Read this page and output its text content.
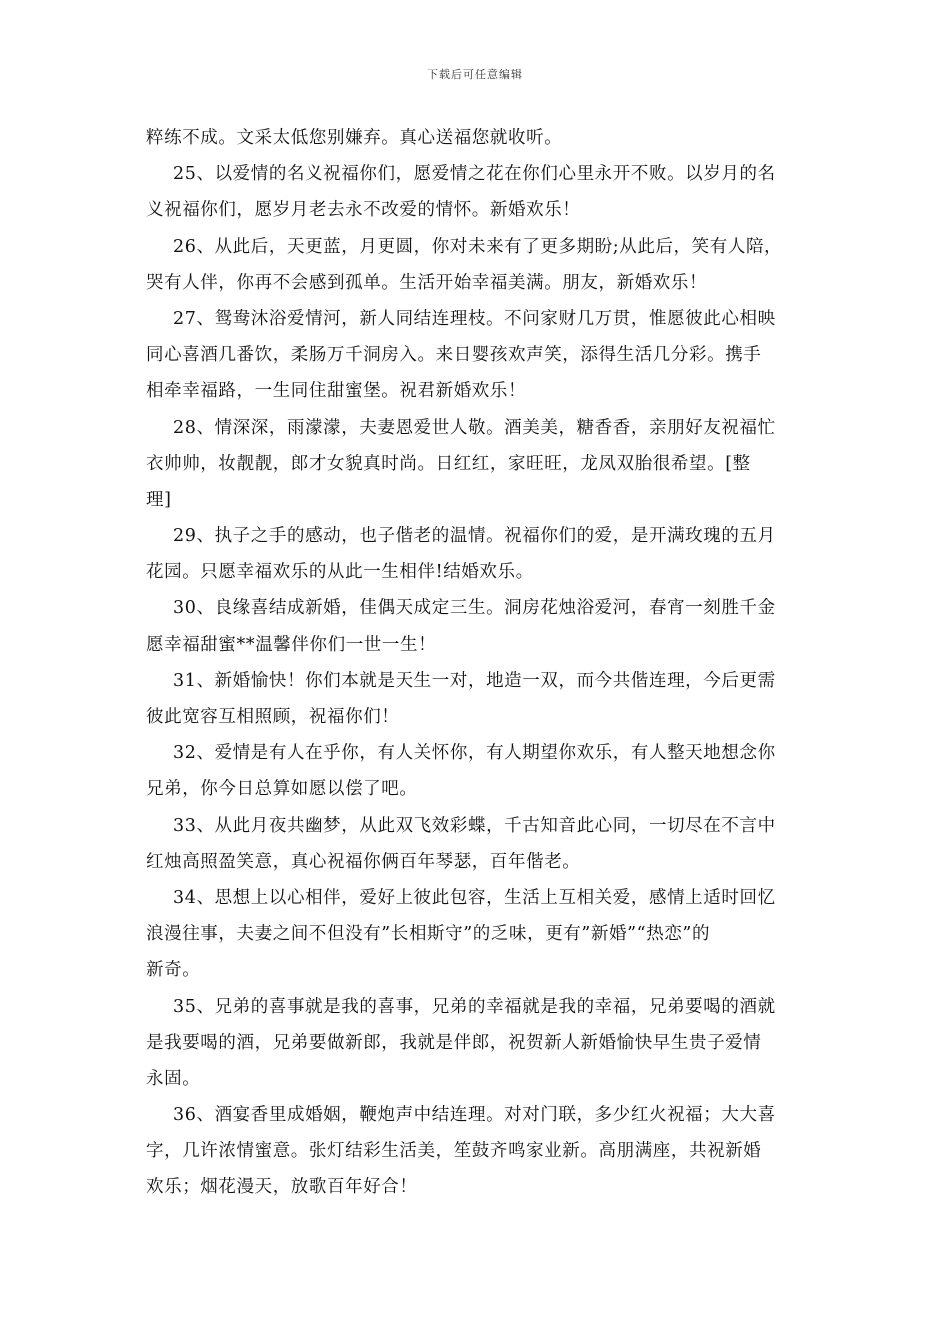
下载后可任意编辑
粹练不成。文采太低您别嫌弃。真心送福您就收听。
25、以爱情的名义祝福你们，愿爱情之花在你们心里永开不败。以岁月的名
义祝福你们，愿岁月老去永不改爱的情怀。新婚欢乐！
26、从此后，天更蓝，月更圆，你对未来有了更多期盼;从此后，笑有人陪，
哭有人伴，你再不会感到孤单。生活开始幸福美满。朋友，新婚欢乐！
27、鸳鸯沐浴爱情河，新人同结连理枝。不问家财几万贯，惟愿彼此心相映
同心喜酒几番饮，柔肠万千洞房入。来日婴孩欢声笑，添得生活几分彩。携手
相牵幸福路，一生同住甜蜜堡。祝君新婚欢乐！
28、情深深，雨濛濛，夫妻恩爱世人敬。酒美美，糖香香，亲朋好友祝福忙
衣帅帅，妆靓靓，郎才女貌真时尚。日红红，家旺旺，龙凤双胎很希望。[整
理]
29、执子之手的感动，也子偕老的温情。祝福你们的爱，是开满玫瑰的五月
花园。只愿幸福欢乐的从此一生相伴!结婚欢乐。
30、良缘喜结成新婚，佳偶天成定三生。洞房花烛浴爱河，春宵一刻胜千金
愿幸福甜蜜**温馨伴你们一世一生！
31、新婚愉快！你们本就是天生一对，地造一双，而今共偕连理，今后更需
彼此宽容互相照顾，祝福你们！
32、爱情是有人在乎你，有人关怀你，有人期望你欢乐，有人整天地想念你
兄弟，你今日总算如愿以偿了吧。
33、从此月夜共幽梦，从此双飞效彩蝶，千古知音此心同，一切尽在不言中
红烛高照盈笑意，真心祝福你俩百年琴瑟，百年偕老。
34、思想上以心相伴，爱好上彼此包容，生活上互相关爱，感情上适时回忆
浪漫往事，夫妻之间不但没有”长相斯守”的乏味，更有”新婚”“热恋”的
新奇。
35、兄弟的喜事就是我的喜事，兄弟的幸福就是我的幸福，兄弟要喝的酒就
是我要喝的酒，兄弟要做新郎，我就是伴郎，祝贺新人新婚愉快早生贵子爱情
永固。
36、酒宴香里成婚姻，鞭炮声中结连理。对对门联，多少红火祝福；大大喜
字，几许浓情蜜意。张灯结彩生活美，笙鼓齐鸣家业新。高朋满座，共祝新婚
欢乐；烟花漫天，放歌百年好合！
